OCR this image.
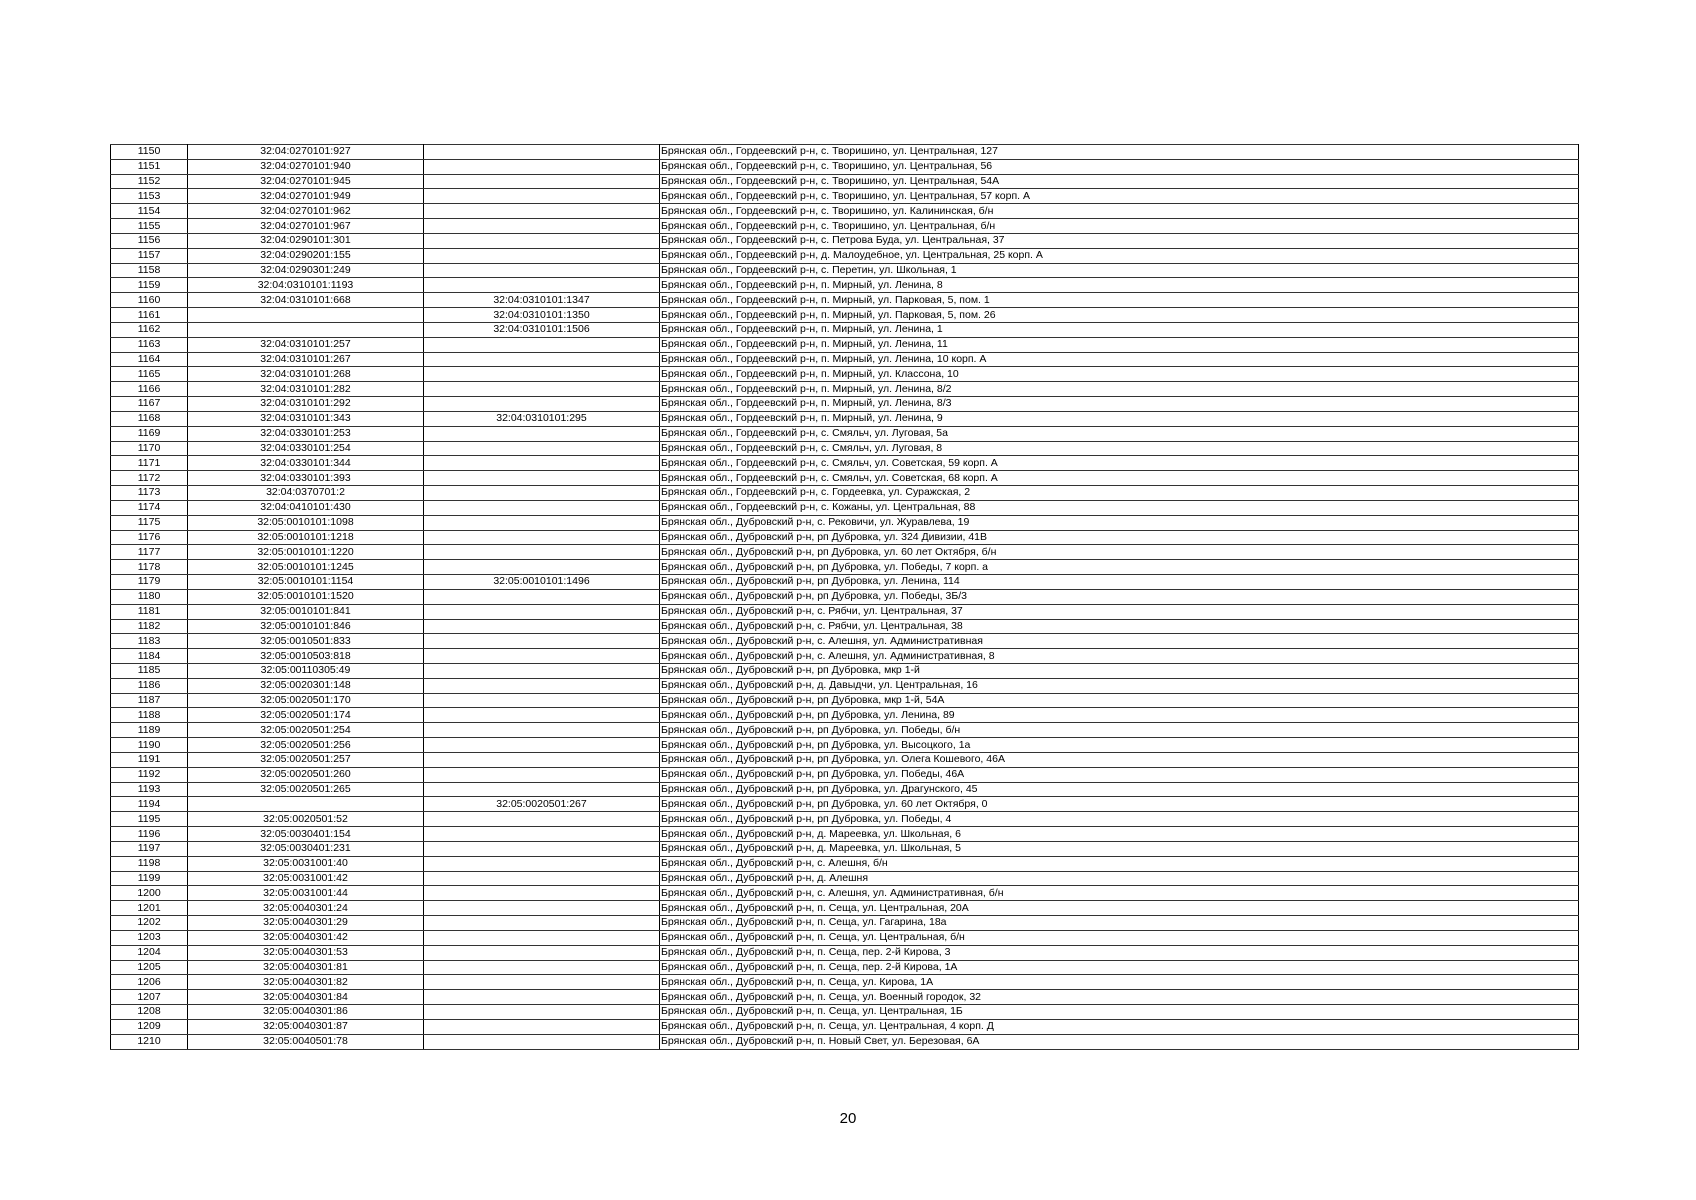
1150	32:04:0270101:927		Брянская обл., Гордеевский р-н, с. Творишино, ул. Центральная, 127
1151	32:04:0270101:940		Брянская обл., Гордеевский р-н, с. Творишино, ул. Центральная, 56
1152	32:04:0270101:945		Брянская обл., Гордеевский р-н, с. Творишино, ул. Центральная, 54А
1153	32:04:0270101:949		Брянская обл., Гордеевский р-н, с. Творишино, ул. Центральная, 57 корп. А
1154	32:04:0270101:962		Брянская обл., Гордеевский р-н, с. Творишино, ул. Калининская, б/н
1155	32:04:0270101:967		Брянская обл., Гордеевский р-н, с. Творишино, ул. Центральная, б/н
1156	32:04:0290101:301		Брянская обл., Гордеевский р-н, с. Петрова Буда, ул. Центральная, 37
1157	32:04:0290201:155		Брянская обл., Гордеевский р-н, д. Малоудебное, ул. Центральная, 25 корп. А
1158	32:04:0290301:249		Брянская обл., Гордеевский р-н, с. Перетин, ул. Школьная, 1
1159	32:04:0310101:1193		Брянская обл., Гордеевский р-н, п. Мирный, ул. Ленина, 8
1160	32:04:0310101:668	32:04:0310101:1347	Брянская обл., Гордеевский р-н, п. Мирный, ул. Парковая, 5, пом. 1
1161		32:04:0310101:1350	Брянская обл., Гордеевский р-н, п. Мирный, ул. Парковая, 5, пом. 26
1162		32:04:0310101:1506	Брянская обл., Гордеевский р-н, п. Мирный, ул. Ленина, 1
1163	32:04:0310101:257		Брянская обл., Гордеевский р-н, п. Мирный, ул. Ленина, 11
1164	32:04:0310101:267		Брянская обл., Гордеевский р-н, п. Мирный, ул. Ленина, 10 корп. А
1165	32:04:0310101:268		Брянская обл., Гордеевский р-н, п. Мирный, ул. Классона, 10
1166	32:04:0310101:282		Брянская обл., Гордеевский р-н, п. Мирный, ул. Ленина, 8/2
1167	32:04:0310101:292		Брянская обл., Гордеевский р-н, п. Мирный, ул. Ленина, 8/3
1168	32:04:0310101:343	32:04:0310101:295	Брянская обл., Гордеевский р-н, п. Мирный, ул. Ленина, 9
1169	32:04:0330101:253		Брянская обл., Гордеевский р-н, с. Смяльч, ул. Луговая, 5а
1170	32:04:0330101:254		Брянская обл., Гордеевский р-н, с. Смяльч, ул. Луговая, 8
1171	32:04:0330101:344		Брянская обл., Гордеевский р-н, с. Смяльч, ул. Советская, 59 корп. А
1172	32:04:0330101:393		Брянская обл., Гордеевский р-н, с. Смяльч, ул. Советская, 68 корп. А
1173	32:04:0370701:2		Брянская обл., Гордеевский р-н, с. Гордеевка, ул. Суражская, 2
1174	32:04:0410101:430		Брянская обл., Гордеевский р-н, с. Кожаны, ул. Центральная, 88
1175	32:05:0010101:1098		Брянская обл., Дубровский р-н, с. Рековичи, ул. Журавлева, 19
1176	32:05:0010101:1218		Брянская обл., Дубровский р-н, рп Дубровка, ул. 324 Дивизии, 41В
1177	32:05:0010101:1220		Брянская обл., Дубровский р-н, рп Дубровка, ул. 60 лет Октября, б/н
1178	32:05:0010101:1245		Брянская обл., Дубровский р-н, рп Дубровка, ул. Победы, 7 корп. а
1179	32:05:0010101:1154	32:05:0010101:1496	Брянская обл., Дубровский р-н, рп Дубровка, ул. Ленина, 114
1180	32:05:0010101:1520		Брянская обл., Дубровский р-н, рп Дубровка, ул. Победы, 3Б/3
1181	32:05:0010101:841		Брянская обл., Дубровский р-н, с. Рябчи, ул. Центральная, 37
1182	32:05:0010101:846		Брянская обл., Дубровский р-н, с. Рябчи, ул. Центральная, 38
1183	32:05:0010501:833		Брянская обл., Дубровский р-н, с. Алешня, ул. Административная
1184	32:05:0010503:818		Брянская обл., Дубровский р-н, с. Алешня, ул. Административная, 8
1185	32:05:00110305:49		Брянская обл., Дубровский р-н, рп Дубровка, мкр 1-й
1186	32:05:0020301:148		Брянская обл., Дубровский р-н, д. Давыдчи, ул. Центральная, 16
1187	32:05:0020501:170		Брянская обл., Дубровский р-н, рп Дубровка, мкр 1-й, 54А
1188	32:05:0020501:174		Брянская обл., Дубровский р-н, рп Дубровка, ул. Ленина, 89
1189	32:05:0020501:254		Брянская обл., Дубровский р-н, рп Дубровка, ул. Победы, б/н
1190	32:05:0020501:256		Брянская обл., Дубровский р-н, рп Дубровка, ул. Высоцкого, 1а
1191	32:05:0020501:257		Брянская обл., Дубровский р-н, рп Дубровка, ул. Олега Кошевого, 46А
1192	32:05:0020501:260		Брянская обл., Дубровский р-н, рп Дубровка, ул. Победы, 46А
1193	32:05:0020501:265		Брянская обл., Дубровский р-н, рп Дубровка, ул. Драгунского, 45
1194		32:05:0020501:267	Брянская обл., Дубровский р-н, рп Дубровка, ул. 60 лет Октября, 0
1195	32:05:0020501:52		Брянская обл., Дубровский р-н, рп Дубровка, ул. Победы, 4
1196	32:05:0030401:154		Брянская обл., Дубровский р-н, д. Мареевка, ул. Школьная, 6
1197	32:05:0030401:231		Брянская обл., Дубровский р-н, д. Мареевка, ул. Школьная, 5
1198	32:05:0031001:40		Брянская обл., Дубровский р-н, с. Алешня, б/н
1199	32:05:0031001:42		Брянская обл., Дубровский р-н, д. Алешня
1200	32:05:0031001:44		Брянская обл., Дубровский р-н, с. Алешня, ул. Административная, б/н
1201	32:05:0040301:24		Брянская обл., Дубровский р-н, п. Сеща, ул. Центральная, 20А
1202	32:05:0040301:29		Брянская обл., Дубровский р-н, п. Сеща, ул. Гагарина, 18а
1203	32:05:0040301:42		Брянская обл., Дубровский р-н, п. Сеща, ул. Центральная, б/н
1204	32:05:0040301:53		Брянская обл., Дубровский р-н, п. Сеща, пер. 2-й Кирова, 3
1205	32:05:0040301:81		Брянская обл., Дубровский р-н, п. Сеща, пер. 2-й Кирова, 1А
1206	32:05:0040301:82		Брянская обл., Дубровский р-н, п. Сеща, ул. Кирова, 1А
1207	32:05:0040301:84		Брянская обл., Дубровский р-н, п. Сеща, ул. Военный городок, 32
1208	32:05:0040301:86		Брянская обл., Дубровский р-н, п. Сеща, ул. Центральная, 1Б
1209	32:05:0040301:87		Брянская обл., Дубровский р-н, п. Сеща, ул. Центральная, 4 корп. Д
1210	32:05:0040501:78		Брянская обл., Дубровский р-н, п. Новый Свет, ул. Березовая, 6А
20
